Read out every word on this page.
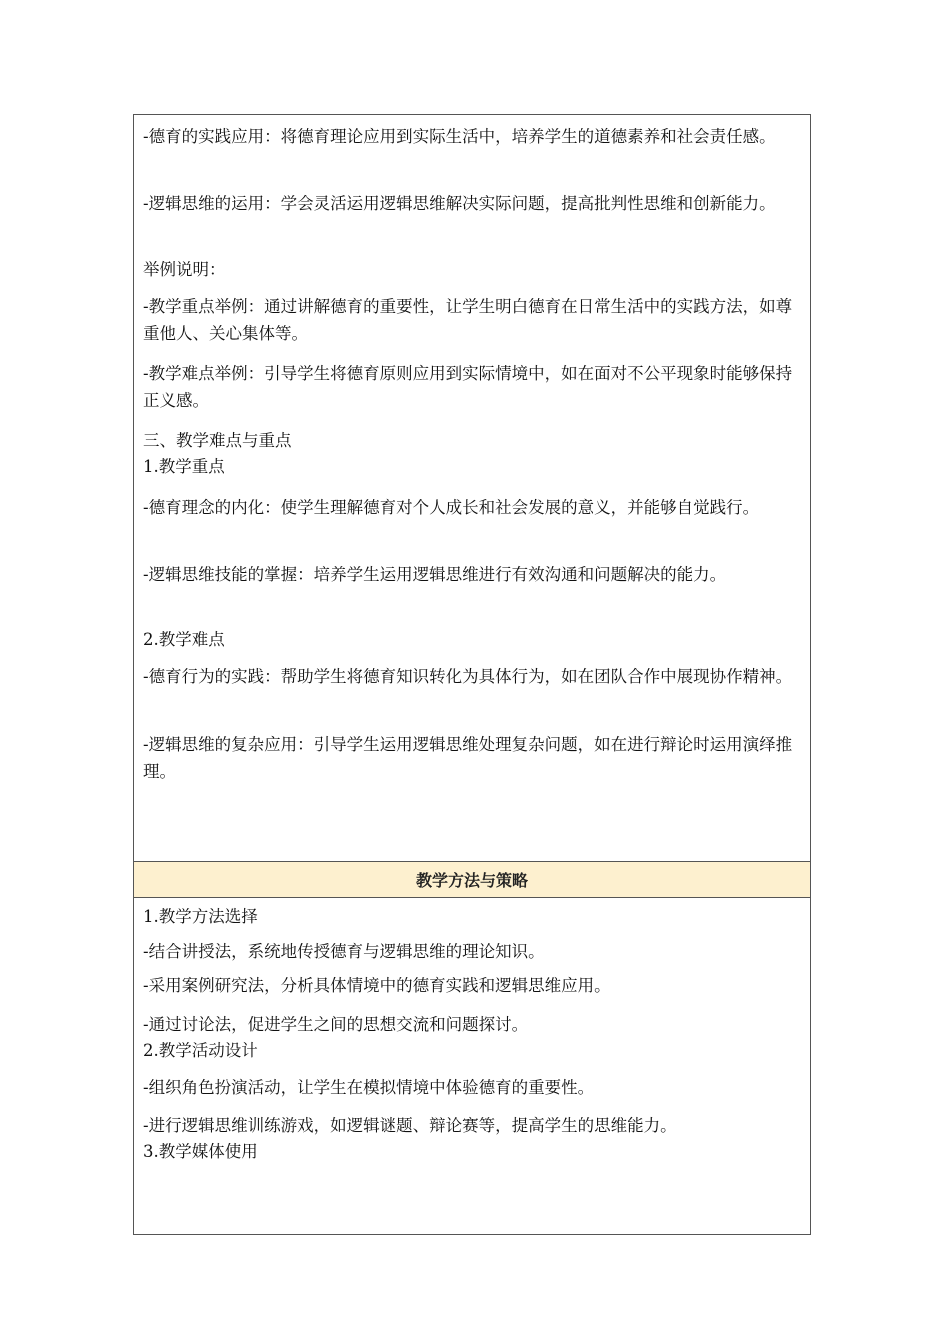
-德育的实践应用：将德育理论应用到实际生活中，培养学生的道德素养和社会责任感。

-逻辑思维的运用：学会灵活运用逻辑思维解决实际问题，提高批判性思维和创新能力。

举例说明：

-教学重点举例：通过讲解德育的重要性，让学生明白德育在日常生活中的实践方法，如尊重他人、关心集体等。

-教学难点举例：引导学生将德育原则应用到实际情境中，如在面对不公平现象时能够保持正义感。

三、教学难点与重点

1.教学重点

-德育理念的内化：使学生理解德育对个人成长和社会发展的意义，并能够自觉践行。

-逻辑思维技能的掌握：培养学生运用逻辑思维进行有效沟通和问题解决的能力。

2.教学难点

-德育行为的实践：帮助学生将德育知识转化为具体行为，如在团队合作中展现协作精神。

-逻辑思维的复杂应用：引导学生运用逻辑思维处理复杂问题，如在进行辩论时运用演绎推理。

教学方法与策略

1.教学方法选择

-结合讲授法，系统地传授德育与逻辑思维的理论知识。

-采用案例研究法，分析具体情境中的德育实践和逻辑思维应用。

-通过讨论法，促进学生之间的思想交流和问题探讨。

2.教学活动设计

-组织角色扮演活动，让学生在模拟情境中体验德育的重要性。

-进行逻辑思维训练游戏，如逻辑谜题、辩论赛等，提高学生的思维能力。

3.教学媒体使用
